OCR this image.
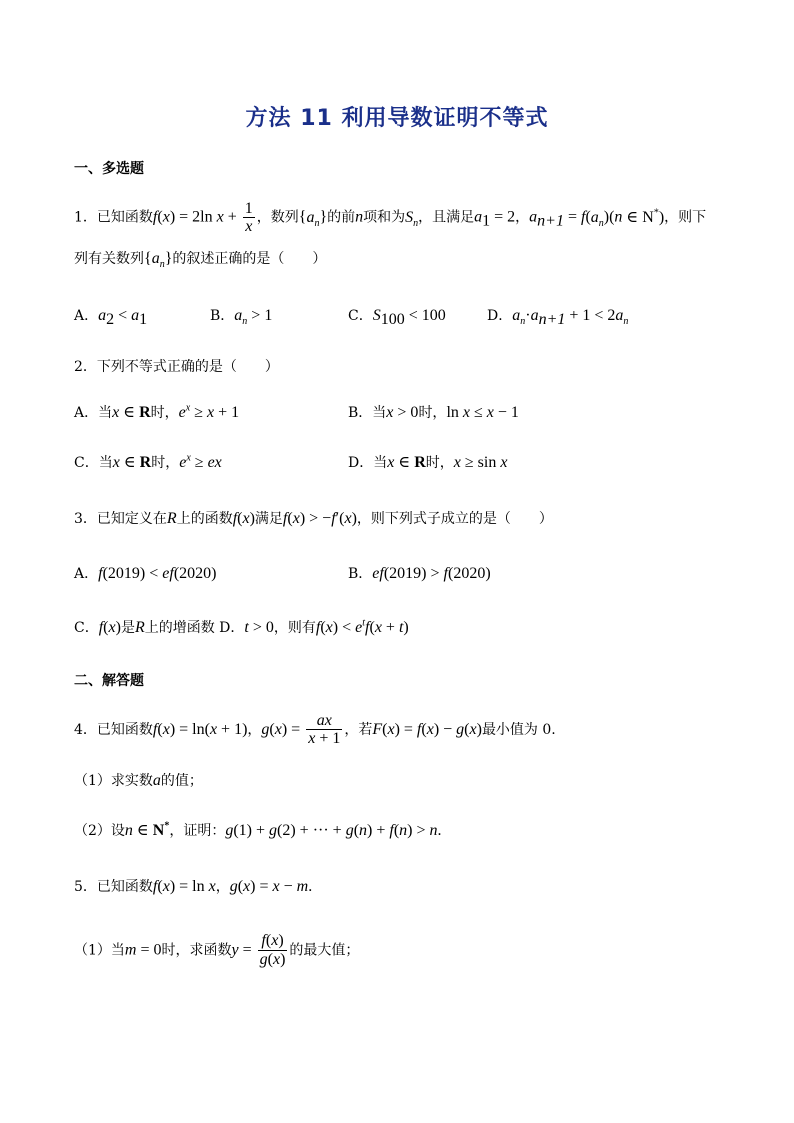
方法 11 利用导数证明不等式
一、多选题
1．已知函数f(x) = 2ln $x + \frac{1}{x}$ ，数列$\{a_n\}$的前n项和为$S_n$，且满足$a_1 = 2$，$a_{n+1} = f(a_n)(n$ ∈ N*)，则下
列有关数列$\{a_n\}$的叙述正确的是（　　）
A．$a_2 < a_1$	B．$a_n > 1$	C．$S_{100} < 100$	D．$a_n\cdot a_{n+1} + 1 < 2a_n$
2．下列不等式正确的是（　　）
A．当x ∈ R时，$e^x \ge x + 1$	B．当x > 0时，ln x ≤ x − 1
C．当x ∈ R时，$e^x$ ≥ ex	D．当x ∈ R时，x ≥ sin x
3．已知定义在R上的函数f(x)满足f(x) > −f′(x)，则下列式子成立的是（　　）
A．f(2019) < ef(2020)	B．ef(2019) > f(2020)
C．f(x)是R上的增函数 D．t > 0，则有$f(x) < e^tf(x + t)$
二、解答题
4．已知函数f(x) = ln(x + 1)，$g(x) = \frac{ax}{x + 1}$ ，若F(x) = f(x) − g(x)最小值为 0.
（1）求实数a的值；
（2）设n ∈ N*，证明：g(1) + g(2) + ··· + g(n) + f(n) > n.
5．已知函数f(x) = ln x，g(x) = x − m.
（1）当m = 0时，求函数$y = \frac{f(x)}{g(x)}$ 的最大值；
